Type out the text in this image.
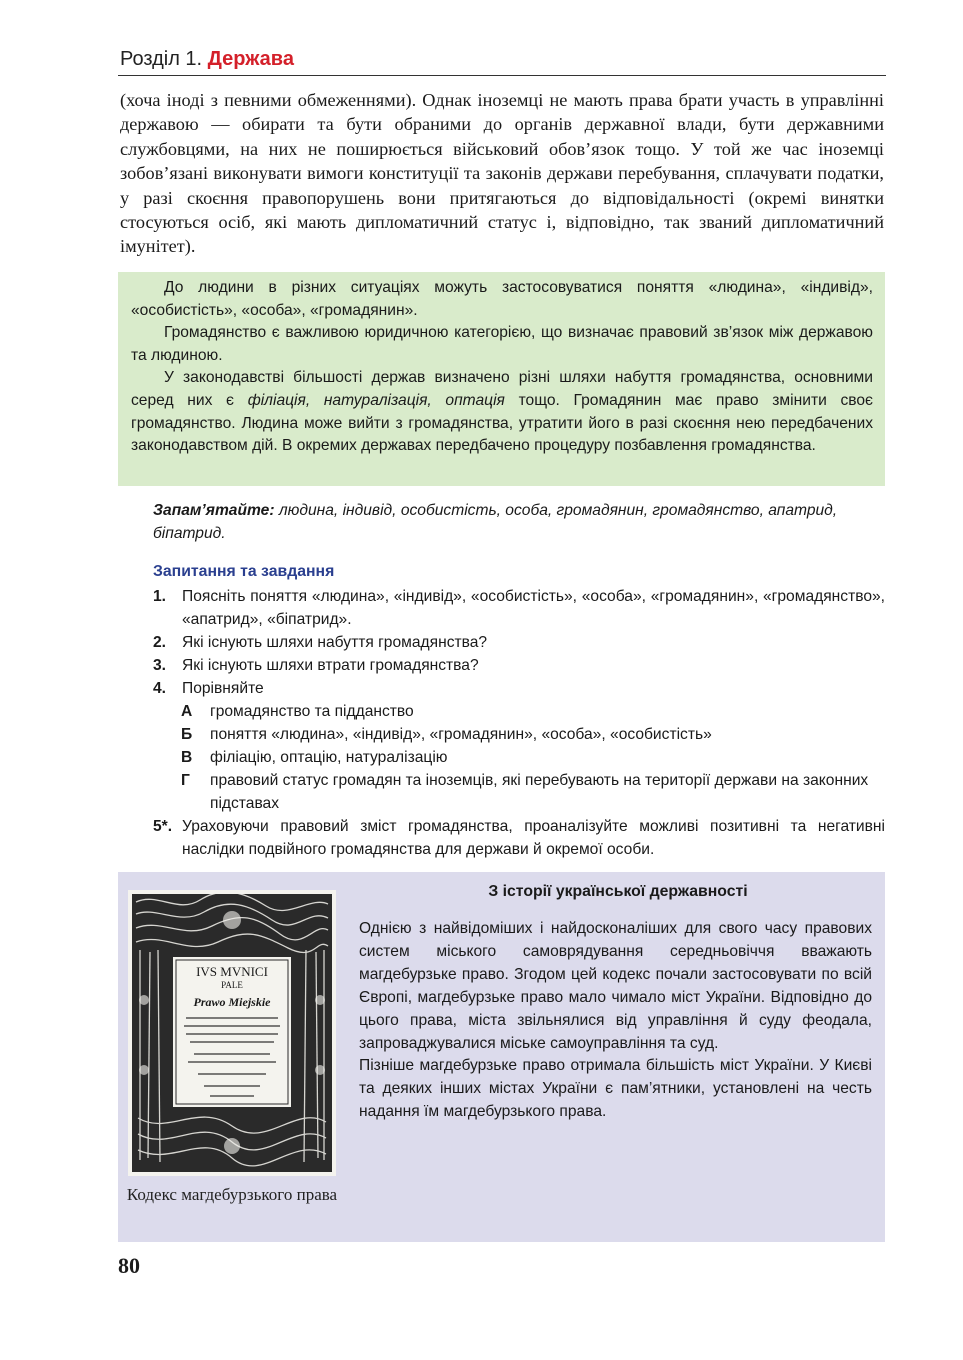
Розділ 1. Держава

(хоча іноді з певними обмеженнями). Однак іноземці не мають права брати участь в управлінні державою — обирати та бути обраними до органів державної влади, бути державними службовцями, на них не поширюється військовий обов’язок тощо. У той же час іноземці зобов’язані виконувати вимоги конституції та законів держави перебування, сплачувати податки, у разі скоєння правопорушень вони притягаються до відповідальності (окремі винятки стосуються осіб, які мають дипломатичний статус і, відповідно, так званий дипломатичний імунітет).

До людини в різних ситуаціях можуть застосовуватися поняття «людина», «індивід», «особистість», «особа», «громадянин».

Громадянство є важливою юридичною категорією, що визначає правовий зв’язок між державою та людиною.

У законодавстві більшості держав визначено різні шляхи набуття громадянства, основними серед них є філіація, натуралізація, оптація тощо. Громадянин має право змінити своє громадянство. Людина може вийти з громадянства, утратити його в разі скоєння нею передбачених законодавством дій. В окремих державах передбачено процедуру позбавлення громадянства.

Запам’ятайте: людина, індивід, особистість, особа, громадянин, громадянство, апатрид, біпатрид.

Запитання та завдання

1. Поясніть поняття «людина», «індивід», «особистість», «особа», «громадянин», «громадянство», «апатрид», «біпатрид».
2. Які існують шляхи набуття громадянства?
3. Які існують шляхи втрати громадянства?
4. Порівняйте
А громадянство та підданство
Б поняття «людина», «індивід», «громадянин», «особа», «особистість»
В філіацію, оптацію, натуралізацію
Г правовий статус громадян та іноземців, які перебувають на території держави на законних підставах
5*. Ураховуючи правовий зміст громадянства, проаналізуйте можливі позитивні та негативні наслідки подвійного громадянства для держави й окремої особи.
IVS MVNICI
PALE
Prawo Miejskie

Кодекс магдебурзького права

З історії української державності

Однією з найвідоміших і найдосконаліших для свого часу правових систем міського самоврядування середньовіччя вважають магдебурзьке право. Згодом цей кодекс почали застосовувати по всій Європі, магдебурзьке право мало чимало міст України. Відповідно до цього права, міста звільнялися від управління й суду феодала, запроваджувалися міське самоуправління та суд.
Пізніше магдебурзьке право отримала більшість міст України. У Києві та деяких інших містах України є пам’ятники, установлені на честь надання їм магдебурзького права.

80
